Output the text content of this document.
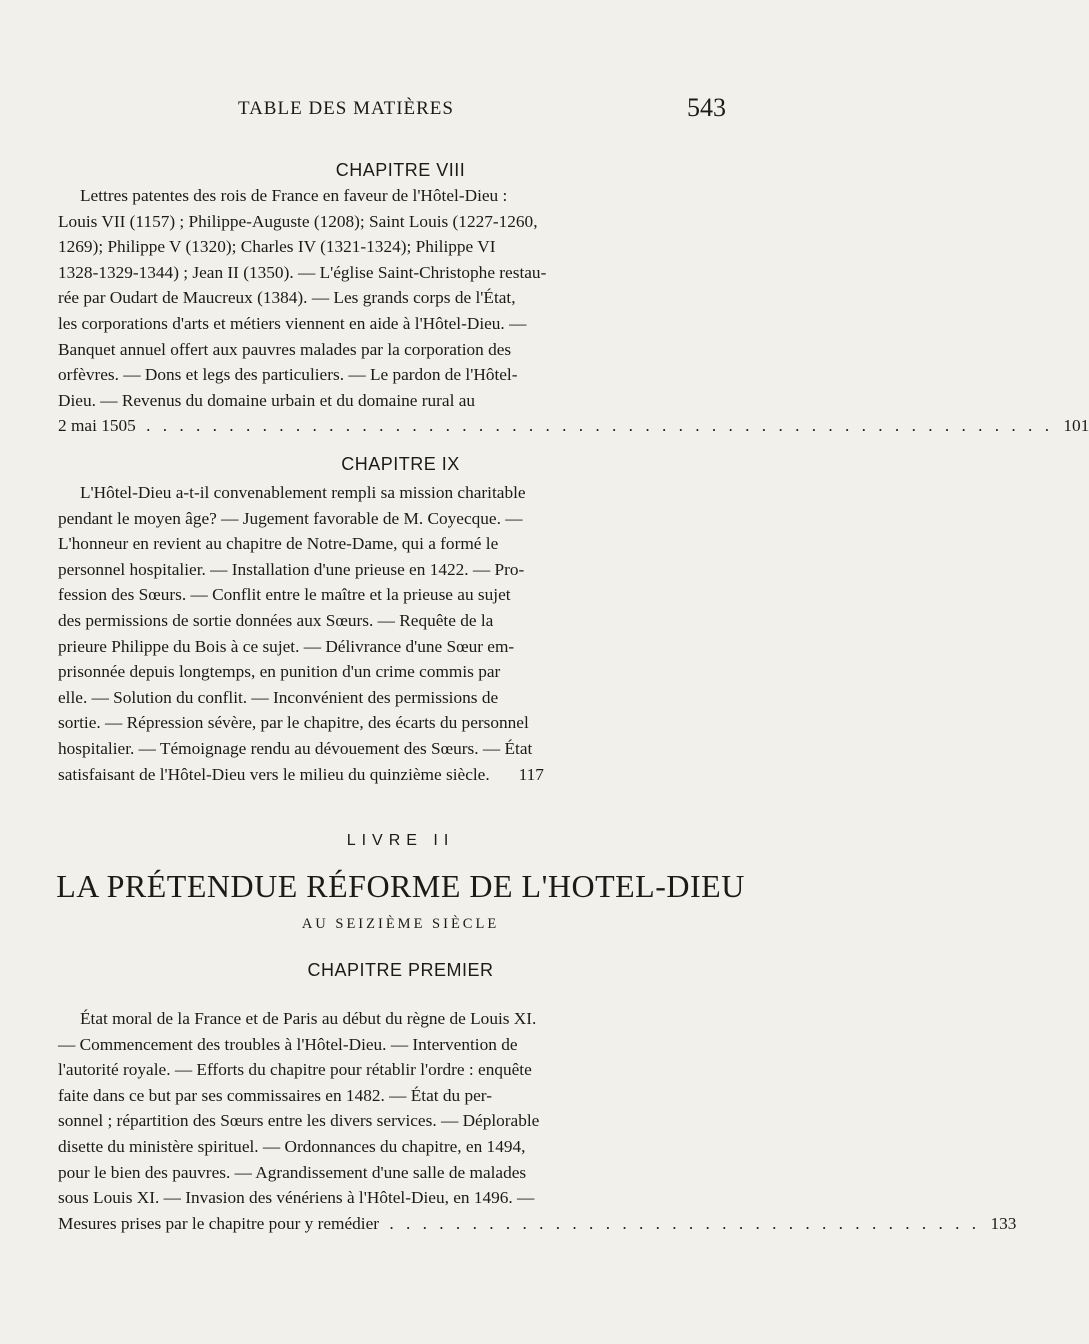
TABLE DES MATIÈRES	543
CHAPITRE VIII
Lettres patentes des rois de France en faveur de l'Hôtel-Dieu :
Louis VII (1157) ; Philippe-Auguste (1208); Saint Louis (1227-1260,
1269); Philippe V (1320); Charles IV (1321-1324); Philippe VI
1328-1329-1344) ; Jean II (1350). — L'église Saint-Christophe restau-
rée par Oudart de Maucreux (1384). — Les grands corps de l'État,
les corporations d'arts et métiers viennent en aide à l'Hôtel-Dieu. —
Banquet annuel offert aux pauvres malades par la corporation des
orfèvres. — Dons et legs des particuliers. — Le pardon de l'Hôtel-
Dieu. — Revenus du domaine urbain et du domaine rural au
2 mai 1505 . . . . . . . . . . . . . . . . . . . . . . . . . . . . . . . . . . . . . . . . . . . . . . . . . . . . . . . 101
CHAPITRE IX
L'Hôtel-Dieu a-t-il convenablement rempli sa mission charitable
pendant le moyen âge? — Jugement favorable de M. Coyecque. —
L'honneur en revient au chapitre de Notre-Dame, qui a formé le
personnel hospitalier. — Installation d'une prieuse en 1422. — Pro-
fession des Sœurs. — Conflit entre le maître et la prieuse au sujet
des permissions de sortie données aux Sœurs. — Requête de la
prieure Philippe du Bois à ce sujet. — Délivrance d'une Sœur em-
prisonnée depuis longtemps, en punition d'un crime commis par
elle. — Solution du conflit. — Inconvénient des permissions de
sortie. — Répression sévère, par le chapitre, des écarts du personnel
hospitalier. — Témoignage rendu au dévouement des Sœurs. — État
satisfaisant de l'Hôtel-Dieu vers le milieu du quinzième siècle. 117
LIVRE II
LA PRÉTENDUE RÉFORME DE L'HOTEL-DIEU
AU SEIZIÈME SIÈCLE
CHAPITRE PREMIER
État moral de la France et de Paris au début du règne de Louis XI.
— Commencement des troubles à l'Hôtel-Dieu. — Intervention de
l'autorité royale. — Efforts du chapitre pour rétablir l'ordre : enquête
faite dans ce but par ses commissaires en 1482. — État du per-
sonnel ; répartition des Sœurs entre les divers services. — Déplorable
disette du ministère spirituel. — Ordonnances du chapitre, en 1494,
pour le bien des pauvres. — Agrandissement d'une salle de malades
sous Louis XI. — Invasion des vénériens à l'Hôtel-Dieu, en 1496. —
Mesures prises par le chapitre pour y remédier . . . . . . . . . . . . . . . . . . . . . . . . . . . . . . . . . . . . 133
